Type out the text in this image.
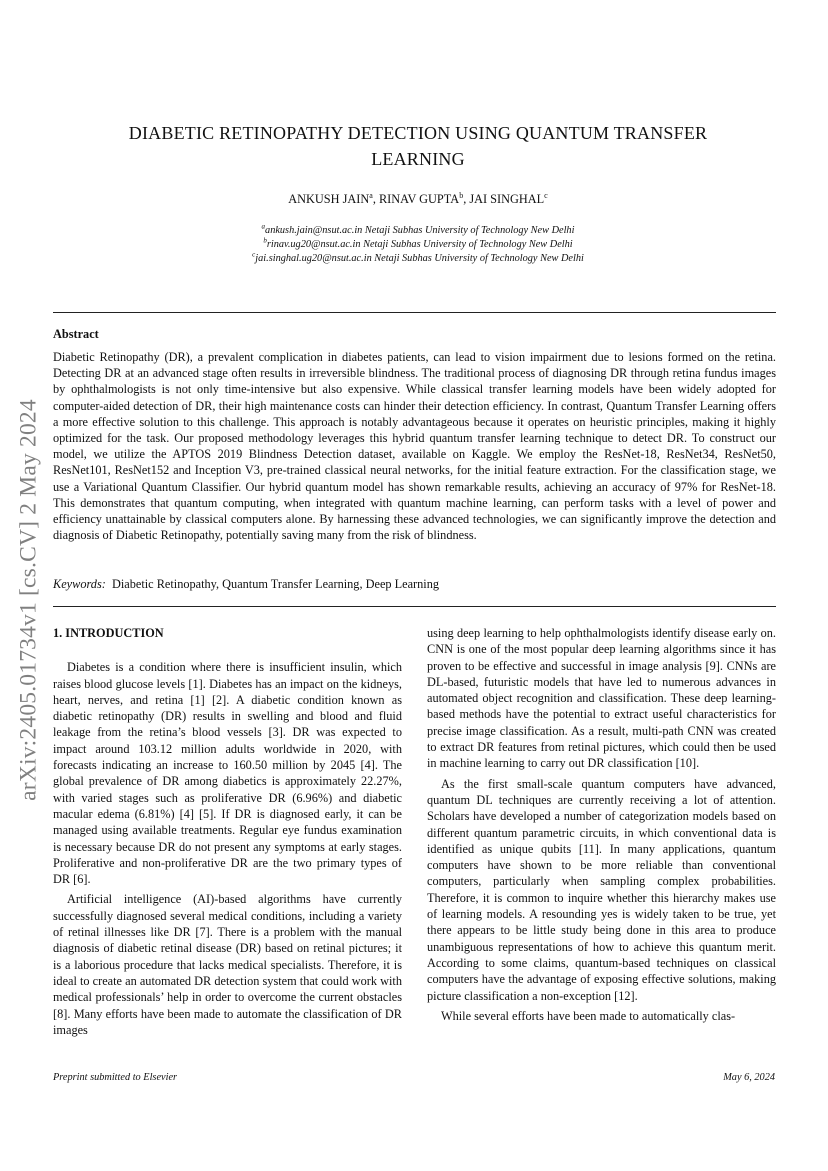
arXiv:2405.01734v1 [cs.CV] 2 May 2024
DIABETIC RETINOPATHY DETECTION USING QUANTUM TRANSFER LEARNING
ANKUSH JAIN$^a$, RINAV GUPTA$^b$, JAI SINGHAL$^c$
$^a$ankush.jain@nsut.ac.in Netaji Subhas University of Technology New Delhi
$^b$rinav.ug20@nsut.ac.in Netaji Subhas University of Technology New Delhi
$^c$jai.singhal.ug20@nsut.ac.in Netaji Subhas University of Technology New Delhi
Abstract
Diabetic Retinopathy (DR), a prevalent complication in diabetes patients, can lead to vision impairment due to lesions formed on the retina. Detecting DR at an advanced stage often results in irreversible blindness. The traditional process of diagnosing DR through retina fundus images by ophthalmologists is not only time-intensive but also expensive. While classical transfer learning models have been widely adopted for computer-aided detection of DR, their high maintenance costs can hinder their detection efficiency. In contrast, Quantum Transfer Learning offers a more effective solution to this challenge. This approach is notably advantageous because it operates on heuristic principles, making it highly optimized for the task. Our proposed methodology leverages this hybrid quantum transfer learning technique to detect DR. To construct our model, we utilize the APTOS 2019 Blindness Detection dataset, available on Kaggle. We employ the ResNet-18, ResNet34, ResNet50, ResNet101, ResNet152 and Inception V3, pre-trained classical neural networks, for the initial feature extraction. For the classification stage, we use a Variational Quantum Classifier. Our hybrid quantum model has shown remarkable results, achieving an accuracy of 97% for ResNet-18. This demonstrates that quantum computing, when integrated with quantum machine learning, can perform tasks with a level of power and efficiency unattainable by classical computers alone. By harnessing these advanced technologies, we can significantly improve the detection and diagnosis of Diabetic Retinopathy, potentially saving many from the risk of blindness.
Keywords: Diabetic Retinopathy, Quantum Transfer Learning, Deep Learning
1. INTRODUCTION

Diabetes is a condition where there is insufficient insulin, which raises blood glucose levels [1]. Diabetes has an impact on the kidneys, heart, nerves, and retina [1] [2]. A diabetic condition known as diabetic retinopathy (DR) results in swelling and blood and fluid leakage from the retina’s blood vessels [3]. DR was expected to impact around 103.12 million adults worldwide in 2020, with forecasts indicating an increase to 160.50 million by 2045 [4]. The global prevalence of DR among diabetics is approximately 22.27%, with varied stages such as proliferative DR (6.96%) and diabetic macular edema (6.81%) [4] [5]. If DR is diagnosed early, it can be managed using available treatments. Regular eye fundus examination is necessary because DR do not present any symptoms at early stages. Proliferative and non-proliferative DR are the two primary types of DR [6].

Artificial intelligence (AI)-based algorithms have currently successfully diagnosed several medical conditions, including a variety of retinal illnesses like DR [7]. There is a problem with the manual diagnosis of diabetic retinal disease (DR) based on retinal pictures; it is a laborious procedure that lacks medical specialists. Therefore, it is ideal to create an automated DR detection system that could work with medical professionals’ help in order to overcome the current obstacles [8]. Many efforts have been made to automate the classification of DR images

using deep learning to help ophthalmologists identify disease early on. CNN is one of the most popular deep learning algorithms since it has proven to be effective and successful in image analysis [9]. CNNs are DL-based, futuristic models that have led to numerous advances in automated object recognition and classification. These deep learning-based methods have the potential to extract useful characteristics for precise image classification. As a result, multi-path CNN was created to extract DR features from retinal pictures, which could then be used in machine learning to carry out DR classification [10].

As the first small-scale quantum computers have advanced, quantum DL techniques are currently receiving a lot of attention. Scholars have developed a number of categorization models based on different quantum parametric circuits, in which conventional data is identified as unique qubits [11]. In many applications, quantum computers have shown to be more reliable than conventional computers, particularly when sampling complex probabilities. Therefore, it is common to inquire whether this hierarchy makes use of learning models. A resounding yes is widely taken to be true, yet there appears to be little study being done in this area to produce unambiguous representations of how to achieve this quantum merit. According to some claims, quantum-based techniques on classical computers have the advantage of exposing effective solutions, making picture classification a non-exception [12].

While several efforts have been made to automatically clas-

Preprint submitted to Elsevier	May 6, 2024
